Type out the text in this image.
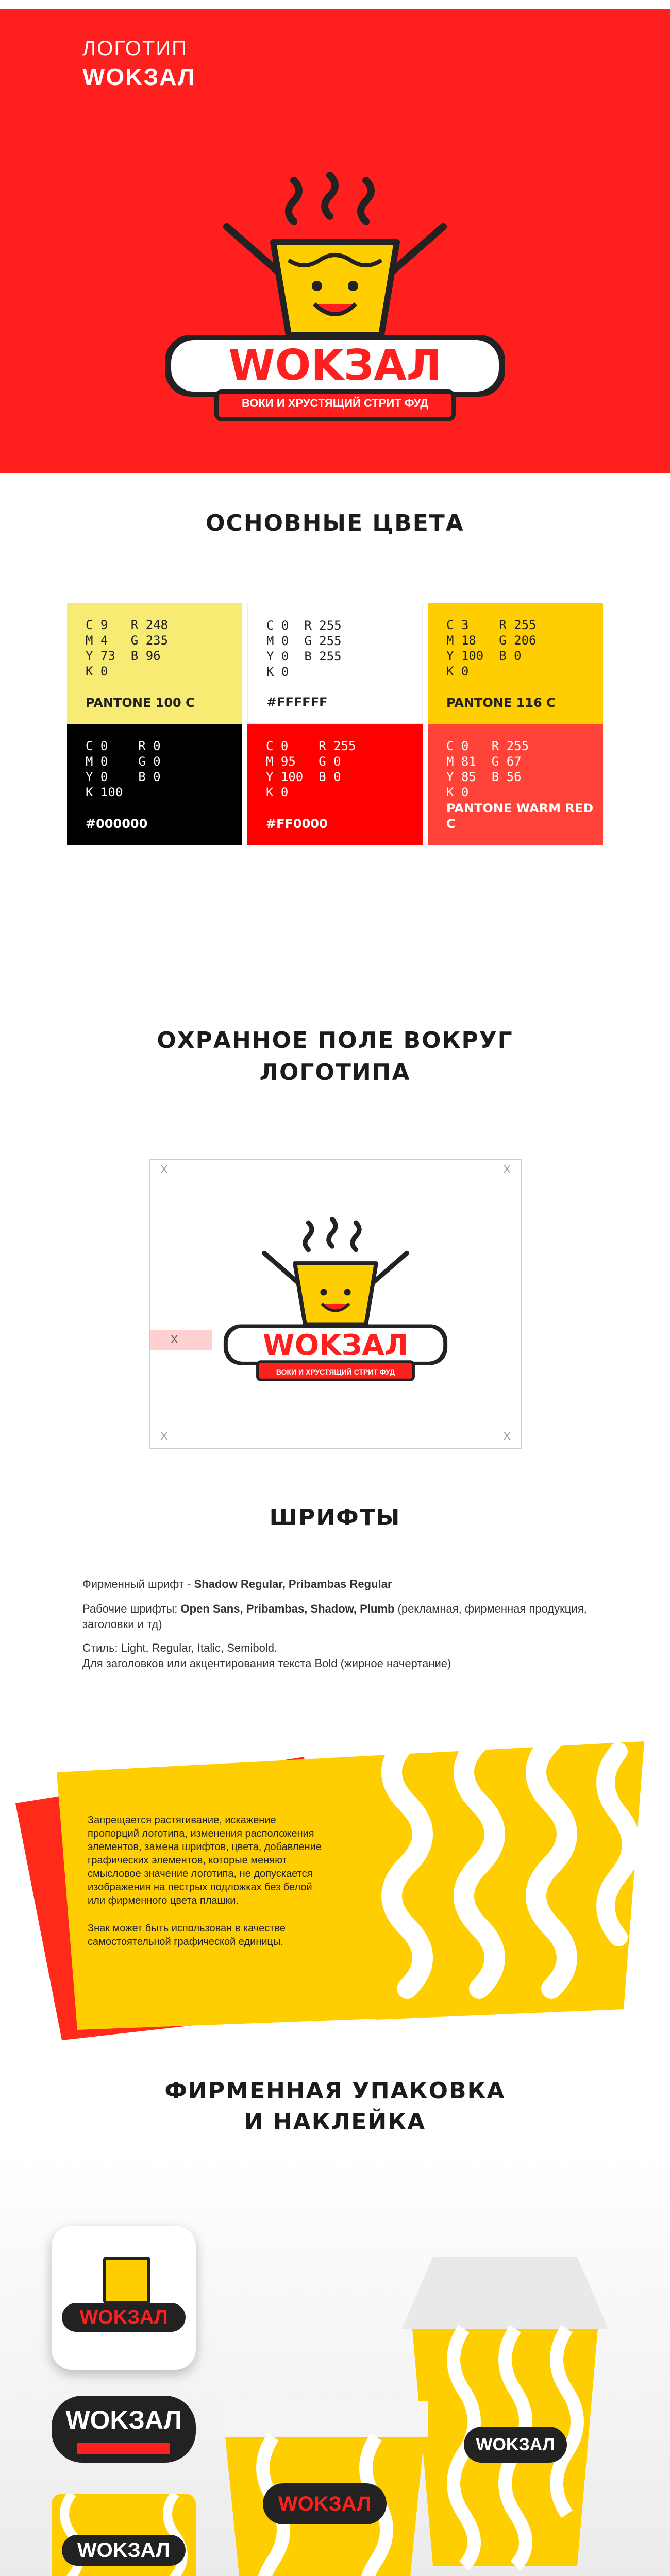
ЛОГОТИП
WOKЗАЛ
WOKЗАЛ
ВОКИ И ХРУСТЯЩИЙ СТРИТ ФУД
ОСНОВНЫЕ ЦВЕТА
C 9
M 4
Y 73
K 0
R 248
G 235
B 96
PANTONE 100 C
C 0
M 0
Y 0
K 0
R 255
G 255
B 255
#FFFFFF
C 3
M 18
Y 100
K 0
R 255
G 206
B 0
PANTONE 116 C
C 0
M 0
Y 0
K 100
R 0
G 0
B 0
#000000
C 0
M 95
Y 100
K 0
R 255
G 0
B 0
#FF0000
C 0
M 81
Y 85
K 0
R 255
G 67
B 56
PANTONE WARM RED C
ОХРАННОЕ ПОЛЕ ВОКРУГ
ЛОГОТИПА
X	X
X	X
X	WOKЗАЛ
ВОКИ И ХРУСТЯЩИЙ СТРИТ ФУД
ШРИФТЫ
Фирменный шрифт - Shadow Regular, Pribambas Regular
Рабочие шрифты: Open Sans, Pribambas, Shadow, Plumb (рекламная, фирменная продукция, заголовки и тд)
Стиль: Light, Regular, Italic, Semibold.
Для заголовков или акцентирования текста Bold (жирное начертание)
Запрещается растягивание, искажение пропорций логотипа, изменения расположения элементов, замена шрифтов, цвета, добавление графических элементов, которые меняют смысловое значение логотипа, не допускается изображения на пестрых подложках без белой или фирменного цвета плашки.
Знак может быть использован в качестве самостоятельной графической единицы.
ФИРМЕННАЯ УПАКОВКА
И НАКЛЕЙКА
WOKЗАЛ
WOKЗАЛ
WOKЗАЛ
WOKЗАЛ
WOKЗАЛ
